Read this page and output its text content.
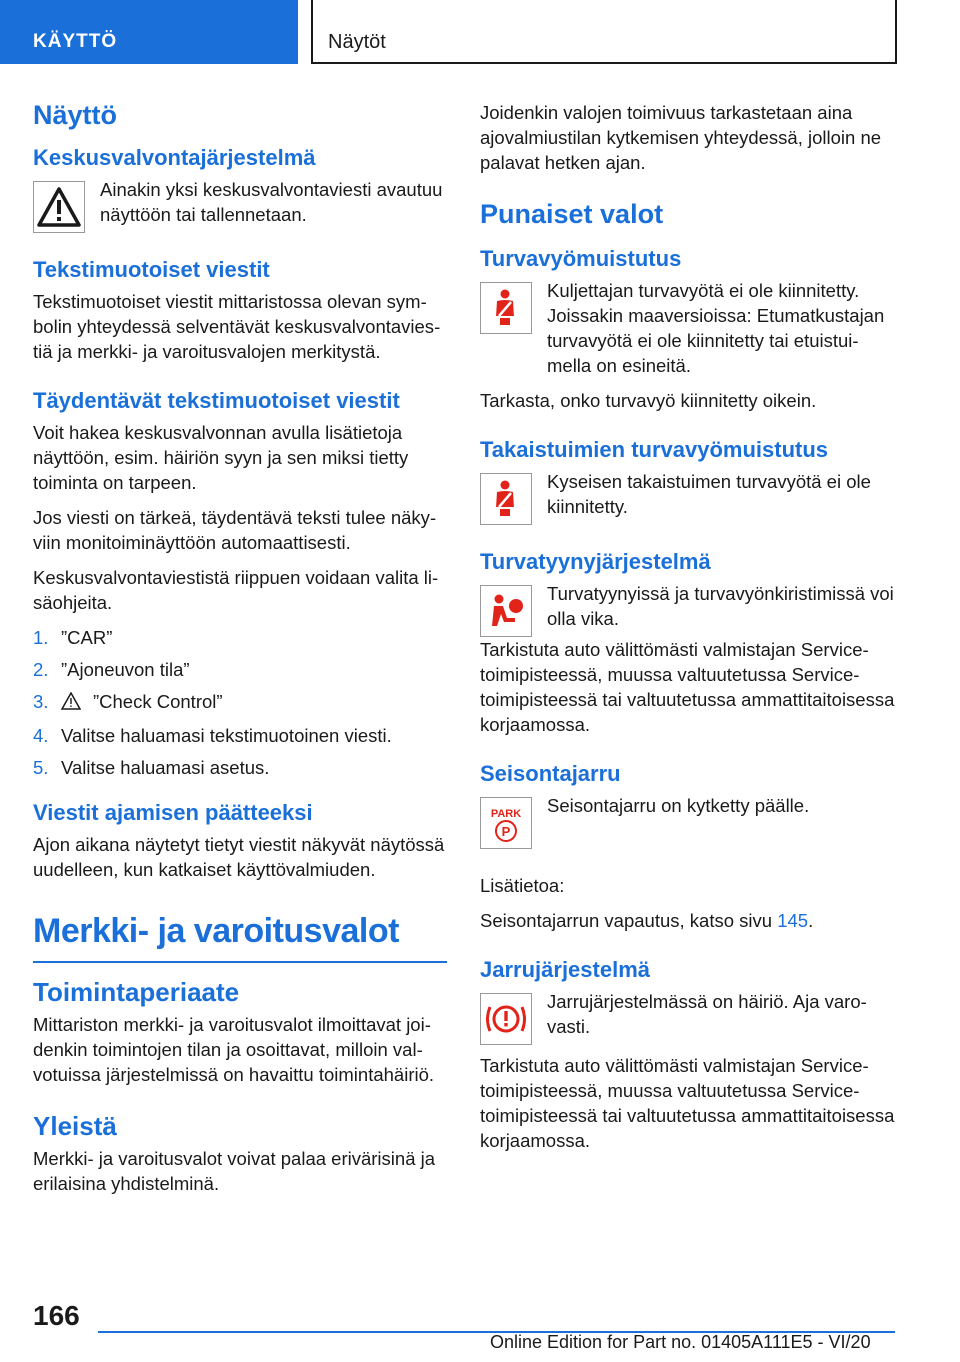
KÄYTTÖ	Näytöt
Näyttö
Keskusvalvontajärjestelmä

Ainakin yksi keskusvalvontaviesti avautuu näyttöön tai tallennetaan.

Tekstimuotoiset viestit

Tekstimuotoiset viestit mittaristossa olevan symbolin yhteydessä selventävät keskusvalvontaviestiä ja merkki- ja varoitusvalojen merkitystä.

Täydentävät tekstimuotoiset viestit

Voit hakea keskusvalvonnan avulla lisätietoja näyttöön, esim. häiriön syyn ja sen miksi tietty toiminta on tarpeen.

Jos viesti on tärkeä, täydentävä teksti tulee näkyviin monitoiminäyttöön automaattisesti.

Keskusvalvontaviestistä riippuen voidaan valita lisäohjeita.

1. ”CAR”
2. ”Ajoneuvon tila”
3. ”Check Control”
4. Valitse haluamasi tekstimuotoinen viesti.
5. Valitse haluamasi asetus.
Viestit ajamisen päätteeksi

Ajon aikana näytetyt tietyt viestit näkyvät näytössä uudelleen, kun katkaiset käyttövalmiuden.

Merkki- ja varoitusvalot
Toimintaperiaate

Mittariston merkki- ja varoitusvalot ilmoittavat joidenkin toimintojen tilan ja osoittavat, milloin valvotuissa järjestelmissä on havaittu toimintahäiriö.

Yleistä

Merkki- ja varoitusvalot voivat palaa erivärisinä ja erilaisina yhdistelminä.

Joidenkin valojen toimivuus tarkastetaan aina ajovalmiustilan kytkemisen yhteydessä, jolloin ne palavat hetken ajan.

Punaiset valot
Turvavyömuistutus

Kuljettajan turvavyötä ei ole kiinnitetty. Joissakin maaversioissa: Etumatkustajan turvavyötä ei ole kiinnitetty tai etuistuimella on esineitä.

Tarkasta, onko turvavyö kiinnitetty oikein.

Takaistuimien turvavyömuistutus

Kyseisen takaistuimen turvavyötä ei ole kiinnitetty.

Turvatyynyjärjestelmä

Turvatyynyissä ja turvavyönkiristimissä voi olla vika.

Tarkistuta auto välittömästi valmistajan Service-toimipisteessä, muussa valtuutetussa Service-toimipisteessä tai valtuutetussa ammattitaitoisessa korjaamossa.

Seisontajarru
PARK
P

Seisontajarru on kytketty päälle.

Lisätietoa:

Seisontajarrun vapautus, katso sivu 145.

Jarrujärjestelmä

Jarrujärjestelmässä on häiriö. Aja varovasti.

Tarkistuta auto välittömästi valmistajan Service-toimipisteessä, muussa valtuutetussa Service-toimipisteessä tai valtuutetussa ammattitaitoisessa korjaamossa.

166
Online Edition for Part no. 01405A111E5 - VI/20
